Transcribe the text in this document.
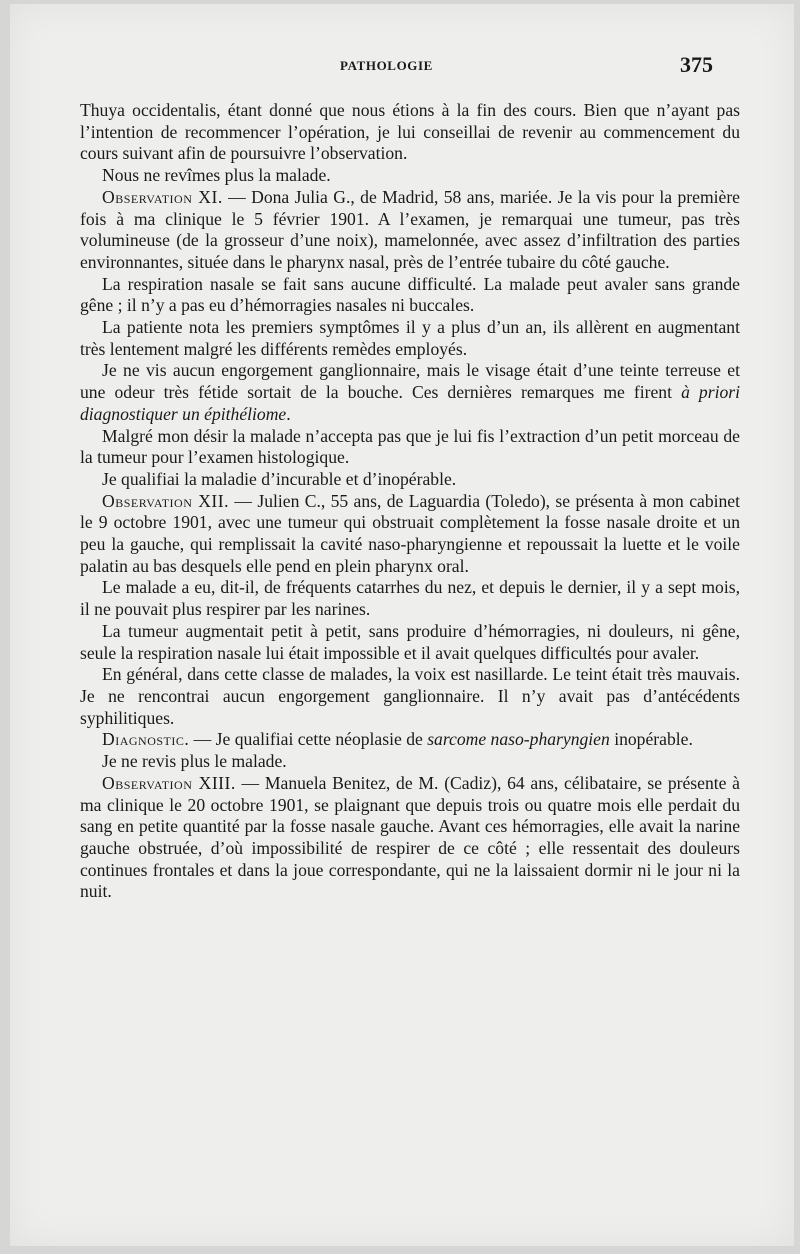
PATHOLOGIE	375

Thuya occidentalis, étant donné que nous étions à la fin des cours. Bien que n’ayant pas l’intention de recommencer l’opération, je lui conseillai de revenir au commencement du cours suivant afin de poursuivre l’observation.

Nous ne revîmes plus la malade.

Observation XI. — Dona Julia G., de Madrid, 58 ans, mariée. Je la vis pour la première fois à ma clinique le 5 février 1901. A l’examen, je remarquai une tumeur, pas très volumineuse (de la grosseur d’une noix), mamelonnée, avec assez d’infiltration des parties environnantes, située dans le pharynx nasal, près de l’entrée tubaire du côté gauche.

La respiration nasale se fait sans aucune difficulté. La malade peut avaler sans grande gêne ; il n’y a pas eu d’hémorragies nasales ni buccales.

La patiente nota les premiers symptômes il y a plus d’un an, ils allèrent en augmentant très lentement malgré les différents remèdes employés.

Je ne vis aucun engorgement ganglionnaire, mais le visage était d’une teinte terreuse et une odeur très fétide sortait de la bouche. Ces dernières remarques me firent à priori diagnostiquer un épithéliome.

Malgré mon désir la malade n’accepta pas que je lui fis l’extraction d’un petit morceau de la tumeur pour l’examen histologique.

Je qualifiai la maladie d’incurable et d’inopérable.

Observation XII. — Julien C., 55 ans, de Laguardia (Toledo), se présenta à mon cabinet le 9 octobre 1901, avec une tumeur qui obstruait complètement la fosse nasale droite et un peu la gauche, qui remplissait la cavité naso-pharyngienne et repoussait la luette et le voile palatin au bas desquels elle pend en plein pharynx oral.

Le malade a eu, dit-il, de fréquents catarrhes du nez, et depuis le dernier, il y a sept mois, il ne pouvait plus respirer par les narines.

La tumeur augmentait petit à petit, sans produire d’hémorragies, ni douleurs, ni gêne, seule la respiration nasale lui était impossible et il avait quelques difficultés pour avaler.

En général, dans cette classe de malades, la voix est nasillarde. Le teint était très mauvais. Je ne rencontrai aucun engorgement ganglionnaire. Il n’y avait pas d’antécédents syphilitiques.

Diagnostic. — Je qualifiai cette néoplasie de sarcome naso-pharyngien inopérable.

Je ne revis plus le malade.

Observation XIII. — Manuela Benitez, de M. (Cadiz), 64 ans, célibataire, se présente à ma clinique le 20 octobre 1901, se plaignant que depuis trois ou quatre mois elle perdait du sang en petite quantité par la fosse nasale gauche. Avant ces hémorragies, elle avait la narine gauche obstruée, d’où impossibilité de respirer de ce côté ; elle ressentait des douleurs continues frontales et dans la joue correspondante, qui ne la laissaient dormir ni le jour ni la nuit.
